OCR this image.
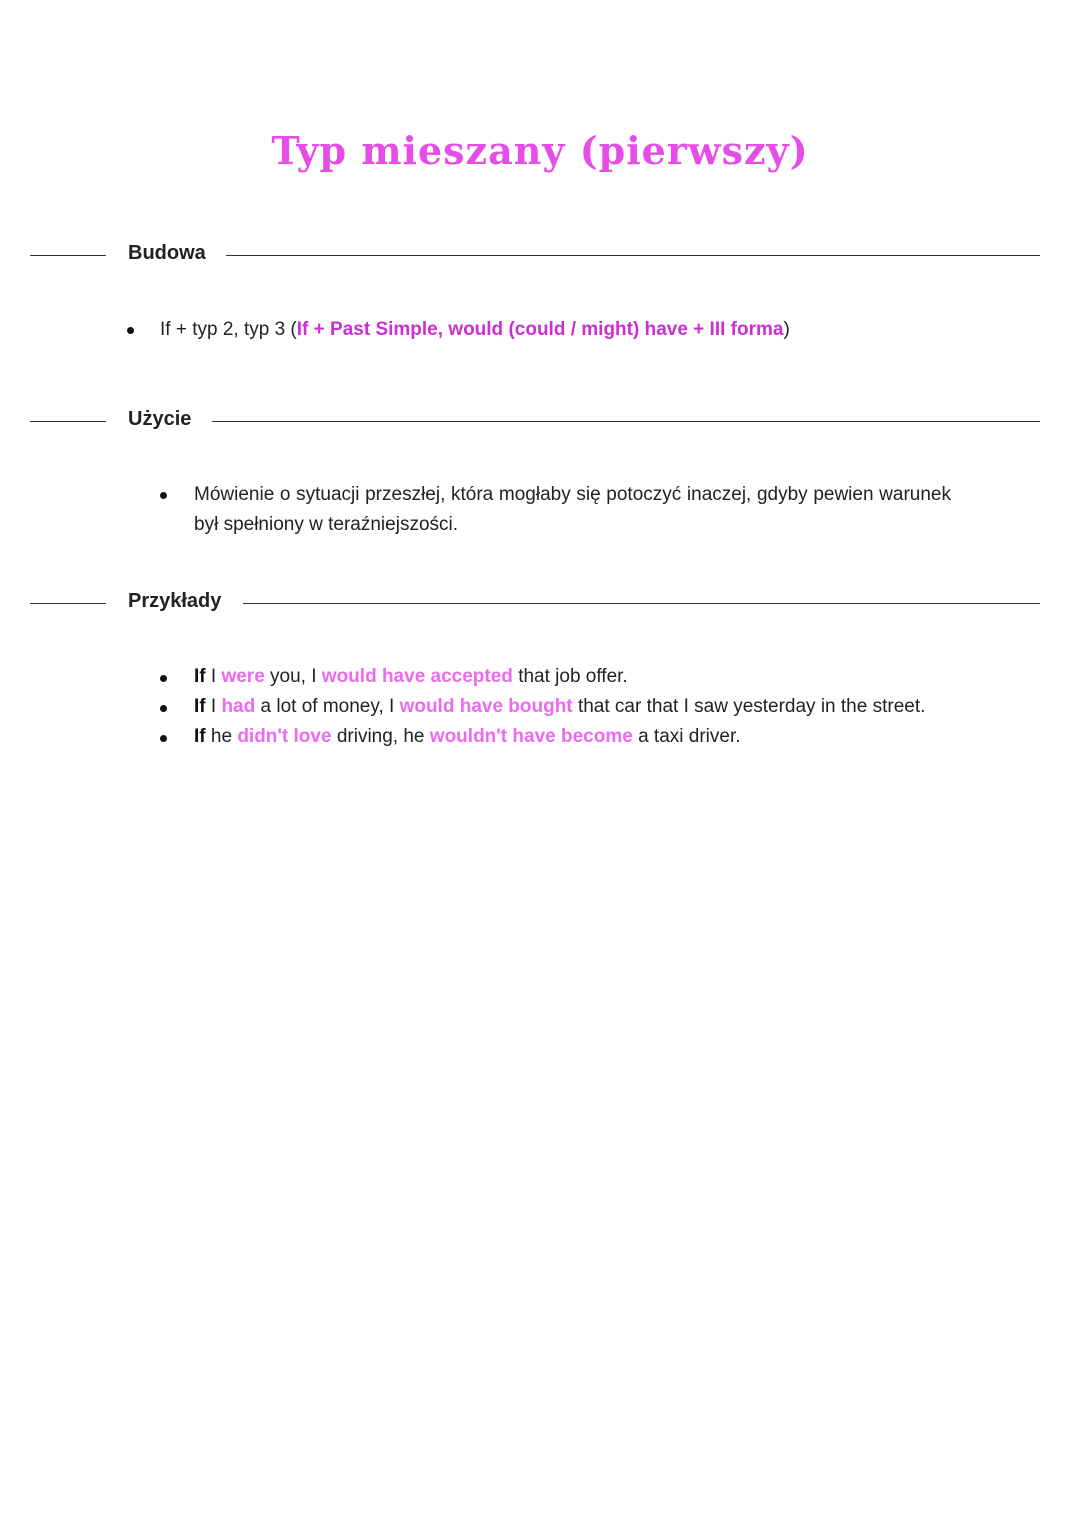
Typ mieszany (pierwszy)
Budowa
If + typ 2, typ 3 (If + Past Simple, would (could / might) have + III forma)
Użycie
Mówienie o sytuacji przeszłej, która mogłaby się potoczyć inaczej, gdyby pewien warunek był spełniony w teraźniejszości.
Przykłady
If I were you, I would have accepted that job offer.
If I had a lot of money, I would have bought that car that I saw yesterday in the street.
If he didn't love driving, he wouldn't have become a taxi driver.
